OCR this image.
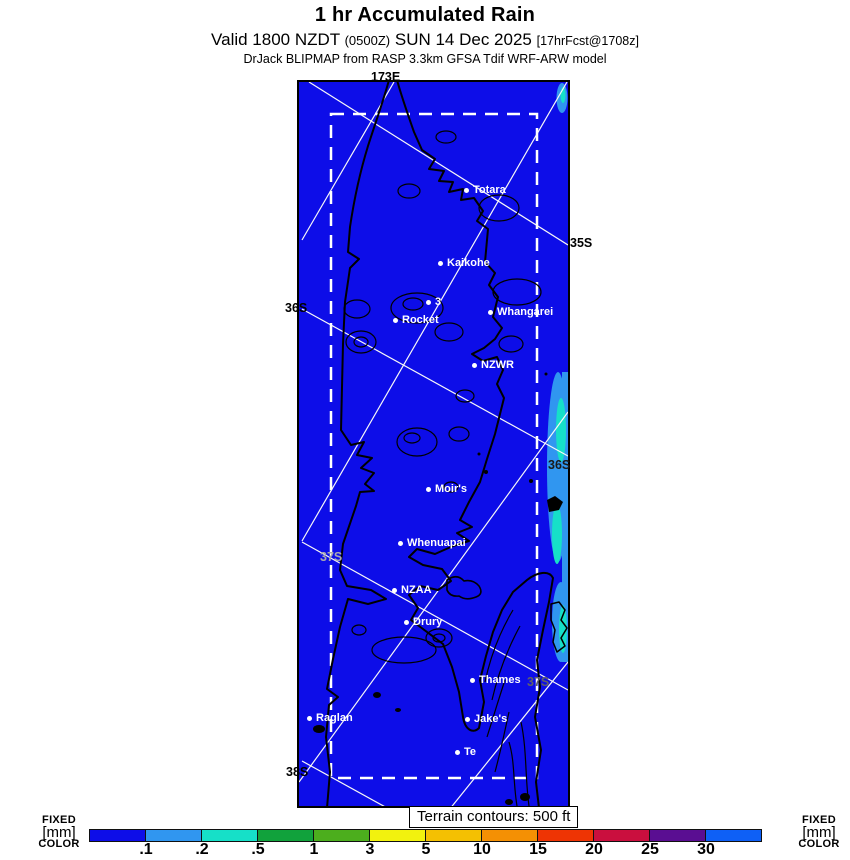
1 hr Accumulated Rain
Valid 1800 NZDT (0500Z) SUN 14 Dec 2025 [17hrFcst@1708z]
DrJack BLIPMAP from RASP 3.3km GFSA Tdif WRF-ARW model
Totara
Kaikohe
3
Rocket
Whangarei
NZWR
Moir's
Whenuapai
NZAA
Drury
Thames
Raglan	Jake's
Te
173E
35S
36S
36S
37S
37S
38S
Terrain contours: 500 ft
FIXED
[mm]
COLOR	.1	.2	.5	1	3	5	10 15 20 25 30
FIXED
[mm]
COLOR
